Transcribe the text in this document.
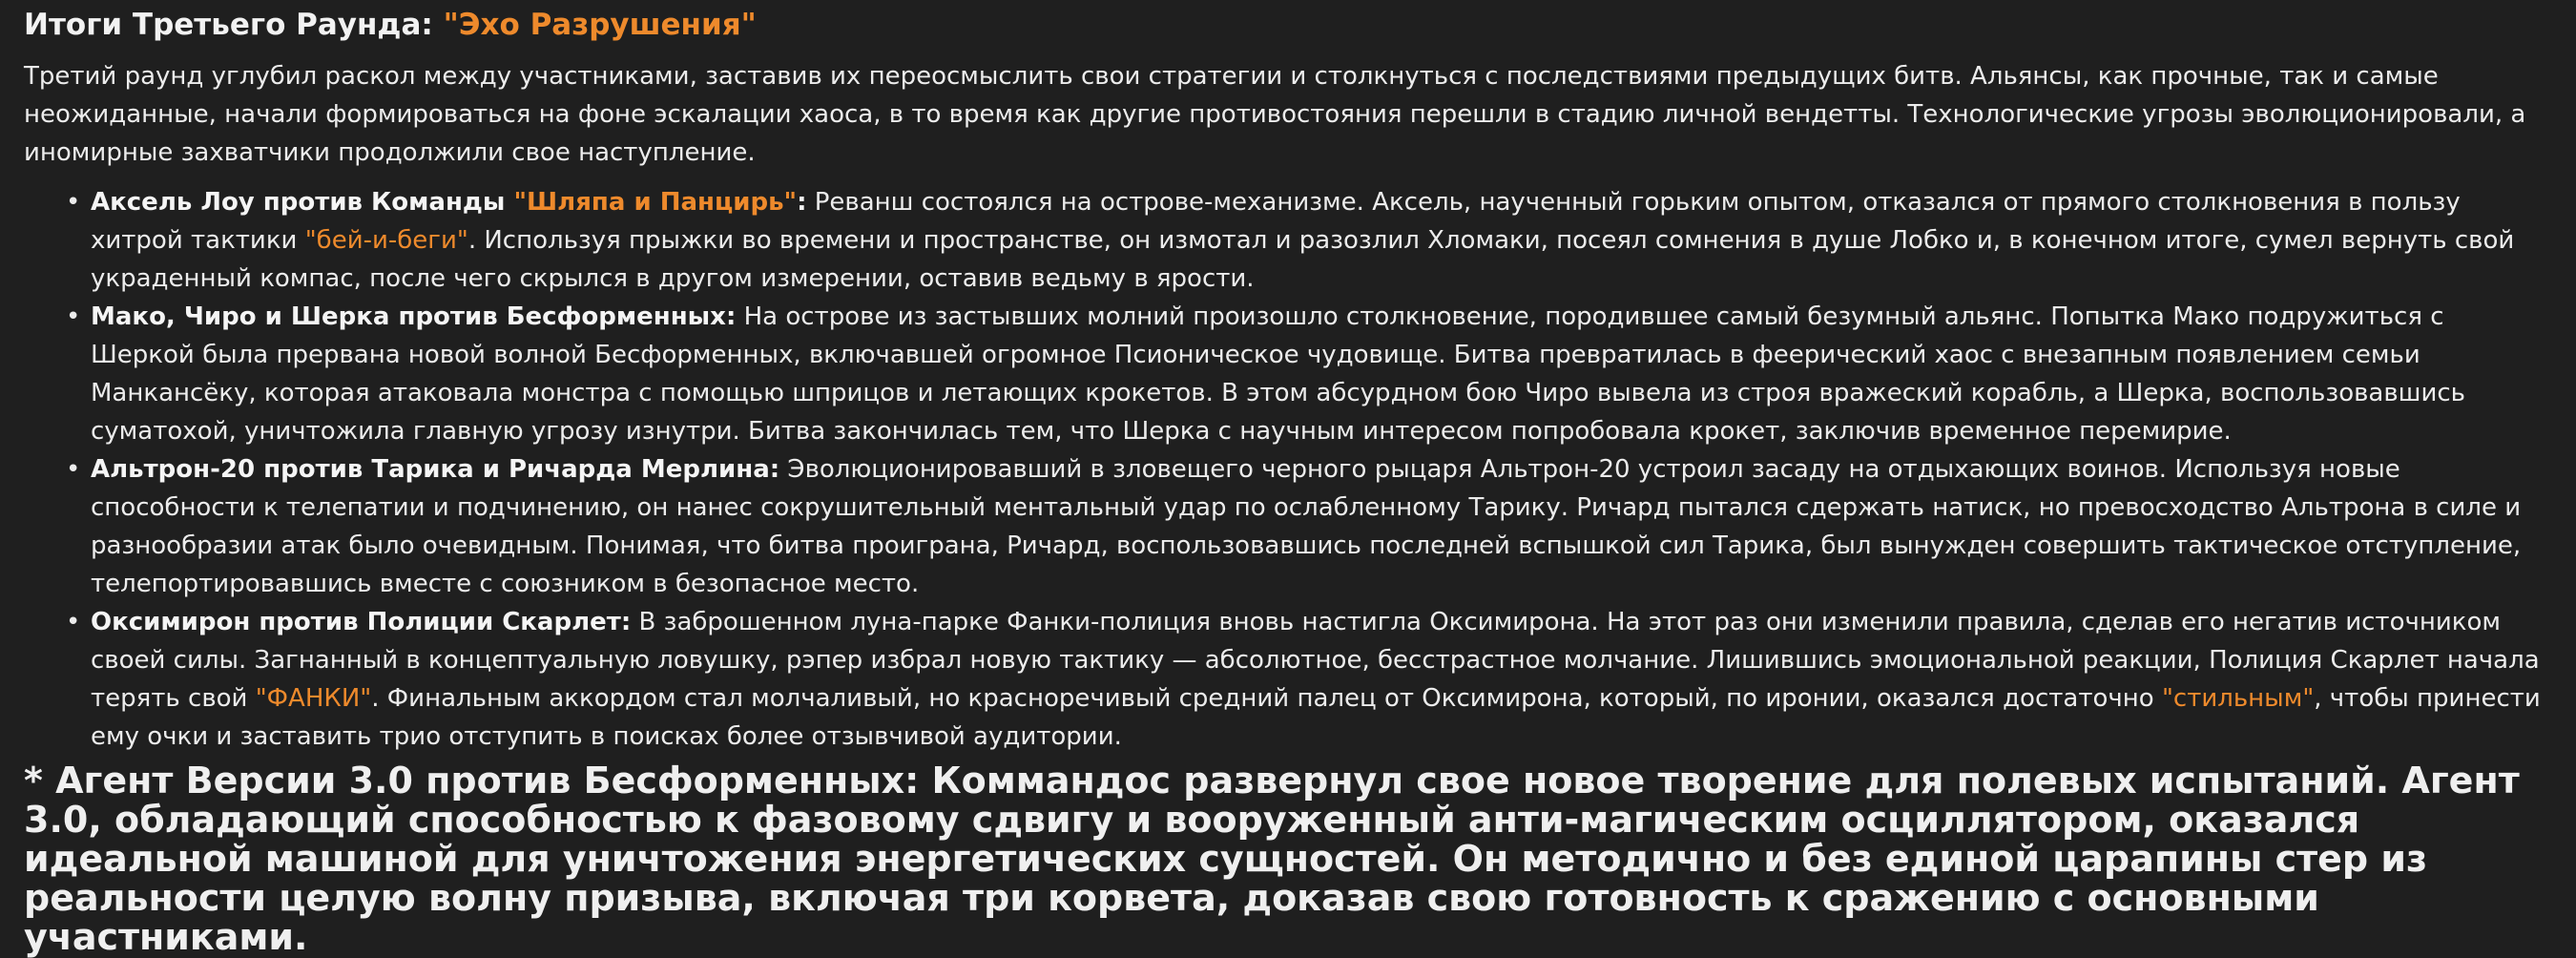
Итоги Третьего Раунда: "Эхо Разрушения"

Третий раунд углубил раскол между участниками, заставив их переосмыслить свои стратегии и столкнуться с последствиями предыдущих битв. Альянсы, как прочные, так и самые неожиданные, начали формироваться на фоне эскалации хаоса, в то время как другие противостояния перешли в стадию личной вендетты. Технологические угрозы эволюционировали, а иномирные захватчики продолжили свое наступление.

• Аксель Лоу против Команды "Шляпа и Панцирь": Реванш состоялся на острове-механизме. Аксель, наученный горьким опытом, отказался от прямого столкновения в пользу хитрой тактики "бей-и-беги". Используя прыжки во времени и пространстве, он измотал и разозлил Хломаки, посеял сомнения в душе Лобко и, в конечном итоге, сумел вернуть свой украденный компас, после чего скрылся в другом измерении, оставив ведьму в ярости.
• Мако, Чиро и Шерка против Бесформенных: На острове из застывших молний произошло столкновение, породившее самый безумный альянс. Попытка Мако подружиться с Шеркой была прервана новой волной Бесформенных, включавшей огромное Псионическое чудовище. Битва превратилась в феерический хаос с внезапным появлением семьи Манкансёку, которая атаковала монстра с помощью шприцов и летающих крокетов. В этом абсурдном бою Чиро вывела из строя вражеский корабль, а Шерка, воспользовавшись суматохой, уничтожила главную угрозу изнутри. Битва закончилась тем, что Шерка с научным интересом попробовала крокет, заключив временное перемирие.
• Альтрон-20 против Тарика и Ричарда Мерлина: Эволюционировавший в зловещего черного рыцаря Альтрон-20 устроил засаду на отдыхающих воинов. Используя новые способности к телепатии и подчинению, он нанес сокрушительный ментальный удар по ослабленному Тарику. Ричард пытался сдержать натиск, но превосходство Альтрона в силе и разнообразии атак было очевидным. Понимая, что битва проиграна, Ричард, воспользовавшись последней вспышкой сил Тарика, был вынужден совершить тактическое отступление, телепортировавшись вместе с союзником в безопасное место.
• Оксимирон против Полиции Скарлет: В заброшенном луна-парке Фанки-полиция вновь настигла Оксимирона. На этот раз они изменили правила, сделав его негатив источником своей силы. Загнанный в концептуальную ловушку, рэпер избрал новую тактику — абсолютное, бесстрастное молчание. Лишившись эмоциональной реакции, Полиция Скарлет начала терять свой "ФАНКИ". Финальным аккордом стал молчаливый, но красноречивый средний палец от Оксимирона, который, по иронии, оказался достаточно "стильным", чтобы принести ему очки и заставить трио отступить в поисках более отзывчивой аудитории.

* Агент Версии 3.0 против Бесформенных: Коммандос развернул свое новое творение для полевых испытаний. Агент 3.0, обладающий способностью к фазовому сдвигу и вооруженный анти-магическим осциллятором, оказался идеальной машиной для уничтожения энергетических сущностей. Он методично и без единой царапины стер из реальности целую волну призыва, включая три корвета, доказав свою готовность к сражению с основными участниками.
